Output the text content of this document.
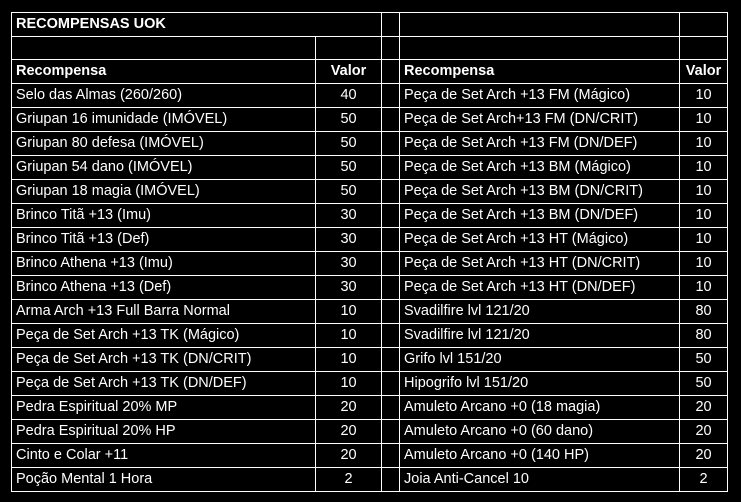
RECOMPENSAS UOK				

Recompensa	Valor		Recompensa	Valor
Selo das Almas (260/260)	40		Peça de Set Arch +13 FM (Mágico)	10
Griupan 16 imunidade (IMÓVEL)	50		Peça de Set Arch+13 FM (DN/CRIT)	10
Griupan 80 defesa (IMÓVEL)	50		Peça de Set Arch +13 FM (DN/DEF)	10
Griupan 54 dano (IMÓVEL)	50		Peça de Set Arch +13 BM (Mágico)	10
Griupan 18 magia (IMÓVEL)	50		Peça de Set Arch +13 BM (DN/CRIT)	10
Brinco Titã +13 (Imu)	30		Peça de Set Arch +13 BM (DN/DEF)	10
Brinco Titã +13 (Def)	30		Peça de Set Arch +13 HT (Mágico)	10
Brinco Athena +13 (Imu)	30		Peça de Set Arch +13 HT (DN/CRIT)	10
Brinco Athena +13 (Def)	30		Peça de Set Arch +13 HT (DN/DEF)	10
Arma Arch +13 Full Barra Normal	10		Svadilfire lvl 121/20	80
Peça de Set Arch +13 TK (Mágico)	10		Svadilfire lvl 121/20	80
Peça de Set Arch +13 TK (DN/CRIT)	10		Grifo lvl 151/20	50
Peça de Set Arch +13 TK (DN/DEF)	10		Hipogrifo lvl 151/20	50
Pedra Espiritual 20% MP	20		Amuleto Arcano +0 (18 magia)	20
Pedra Espiritual 20% HP	20		Amuleto Arcano +0 (60 dano)	20
Cinto e Colar +11	20		Amuleto Arcano +0 (140 HP)	20
Poção Mental 1 Hora	2		Joia Anti-Cancel 10	2
